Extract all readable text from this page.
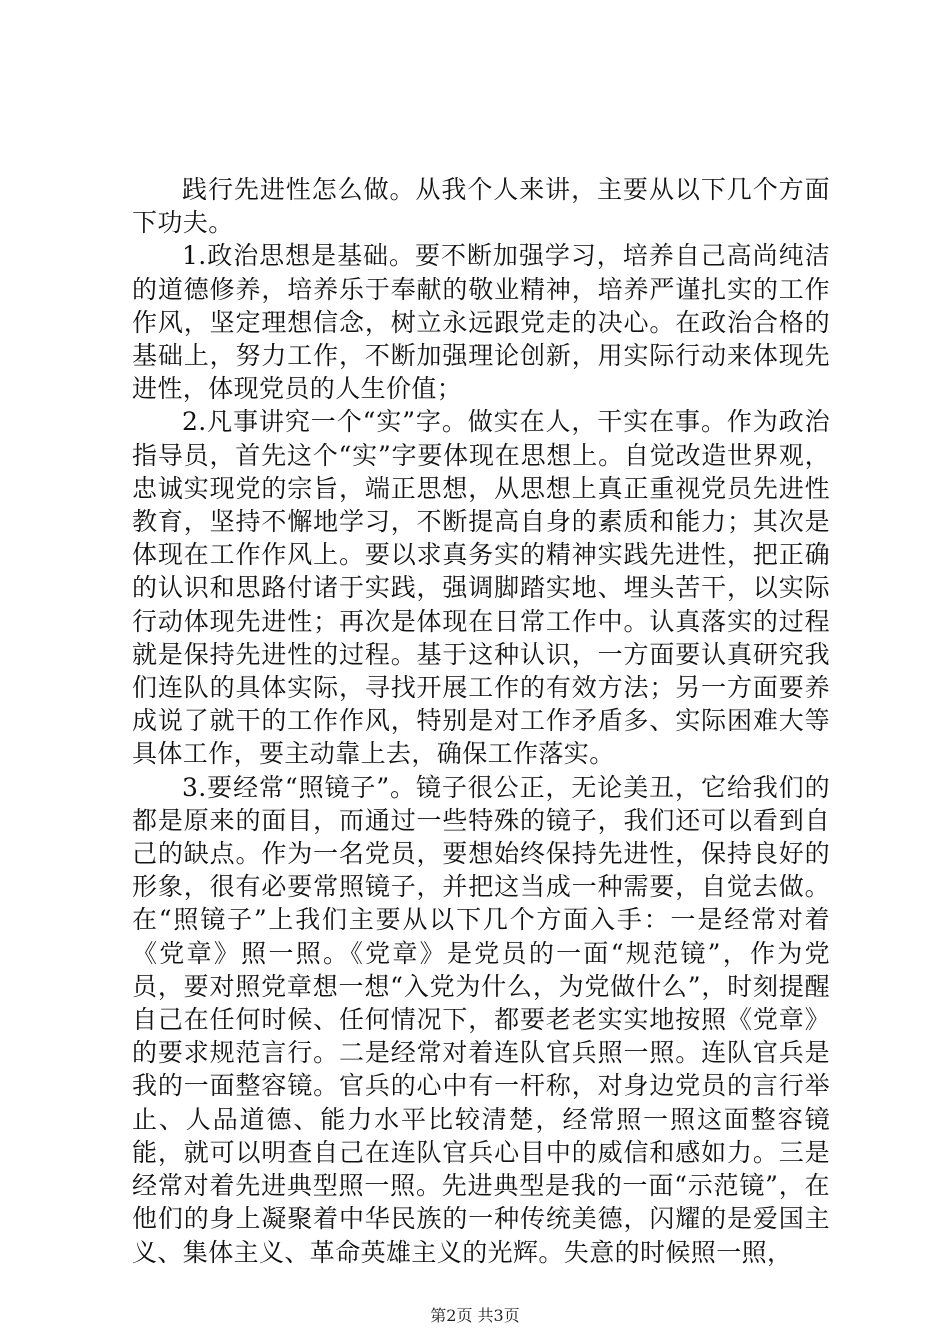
践行先进性怎么做。从我个人来讲，主要从以下几个方面下功夫。

1.政治思想是基础。要不断加强学习，培养自己高尚纯洁的道德修养，培养乐于奉献的敬业精神，培养严谨扎实的工作作风，坚定理想信念，树立永远跟党走的决心。在政治合格的基础上，努力工作，不断加强理论创新，用实际行动来体现先进性，体现党员的人生价值；

2.凡事讲究一个“实”字。做实在人，干实在事。作为政治指导员，首先这个“实”字要体现在思想上。自觉改造世界观，忠诚实现党的宗旨，端正思想，从思想上真正重视党员先进性教育，坚持不懈地学习，不断提高自身的素质和能力；其次是体现在工作作风上。要以求真务实的精神实践先进性，把正确的认识和思路付诸于实践，强调脚踏实地、埋头苦干，以实际行动体现先进性；再次是体现在日常工作中。认真落实的过程就是保持先进性的过程。基于这种认识，一方面要认真研究我们连队的具体实际，寻找开展工作的有效方法；另一方面要养成说了就干的工作作风，特别是对工作矛盾多、实际困难大等具体工作，要主动靠上去，确保工作落实。

3.要经常“照镜子”。镜子很公正，无论美丑，它给我们的都是原来的面目，而通过一些特殊的镜子，我们还可以看到自己的缺点。作为一名党员，要想始终保持先进性，保持良好的形象，很有必要常照镜子，并把这当成一种需要，自觉去做。在“照镜子”上我们主要从以下几个方面入手：一是经常对着《党章》照一照。《党章》是党员的一面“规范镜”，作为党员，要对照党章想一想“入党为什么，为党做什么”，时刻提醒自己在任何时候、任何情况下，都要老老实实地按照《党章》的要求规范言行。二是经常对着连队官兵照一照。连队官兵是我的一面整容镜。官兵的心中有一杆称，对身边党员的言行举止、人品道德、能力水平比较清楚，经常照一照这面整容镜能，就可以明查自己在连队官兵心目中的威信和感如力。三是经常对着先进典型照一照。先进典型是我的一面“示范镜”，在他们的身上凝聚着中华民族的一种传统美德，闪耀的是爱国主义、集体主义、革命英雄主义的光辉。失意的时候照一照，

第2页 共3页
